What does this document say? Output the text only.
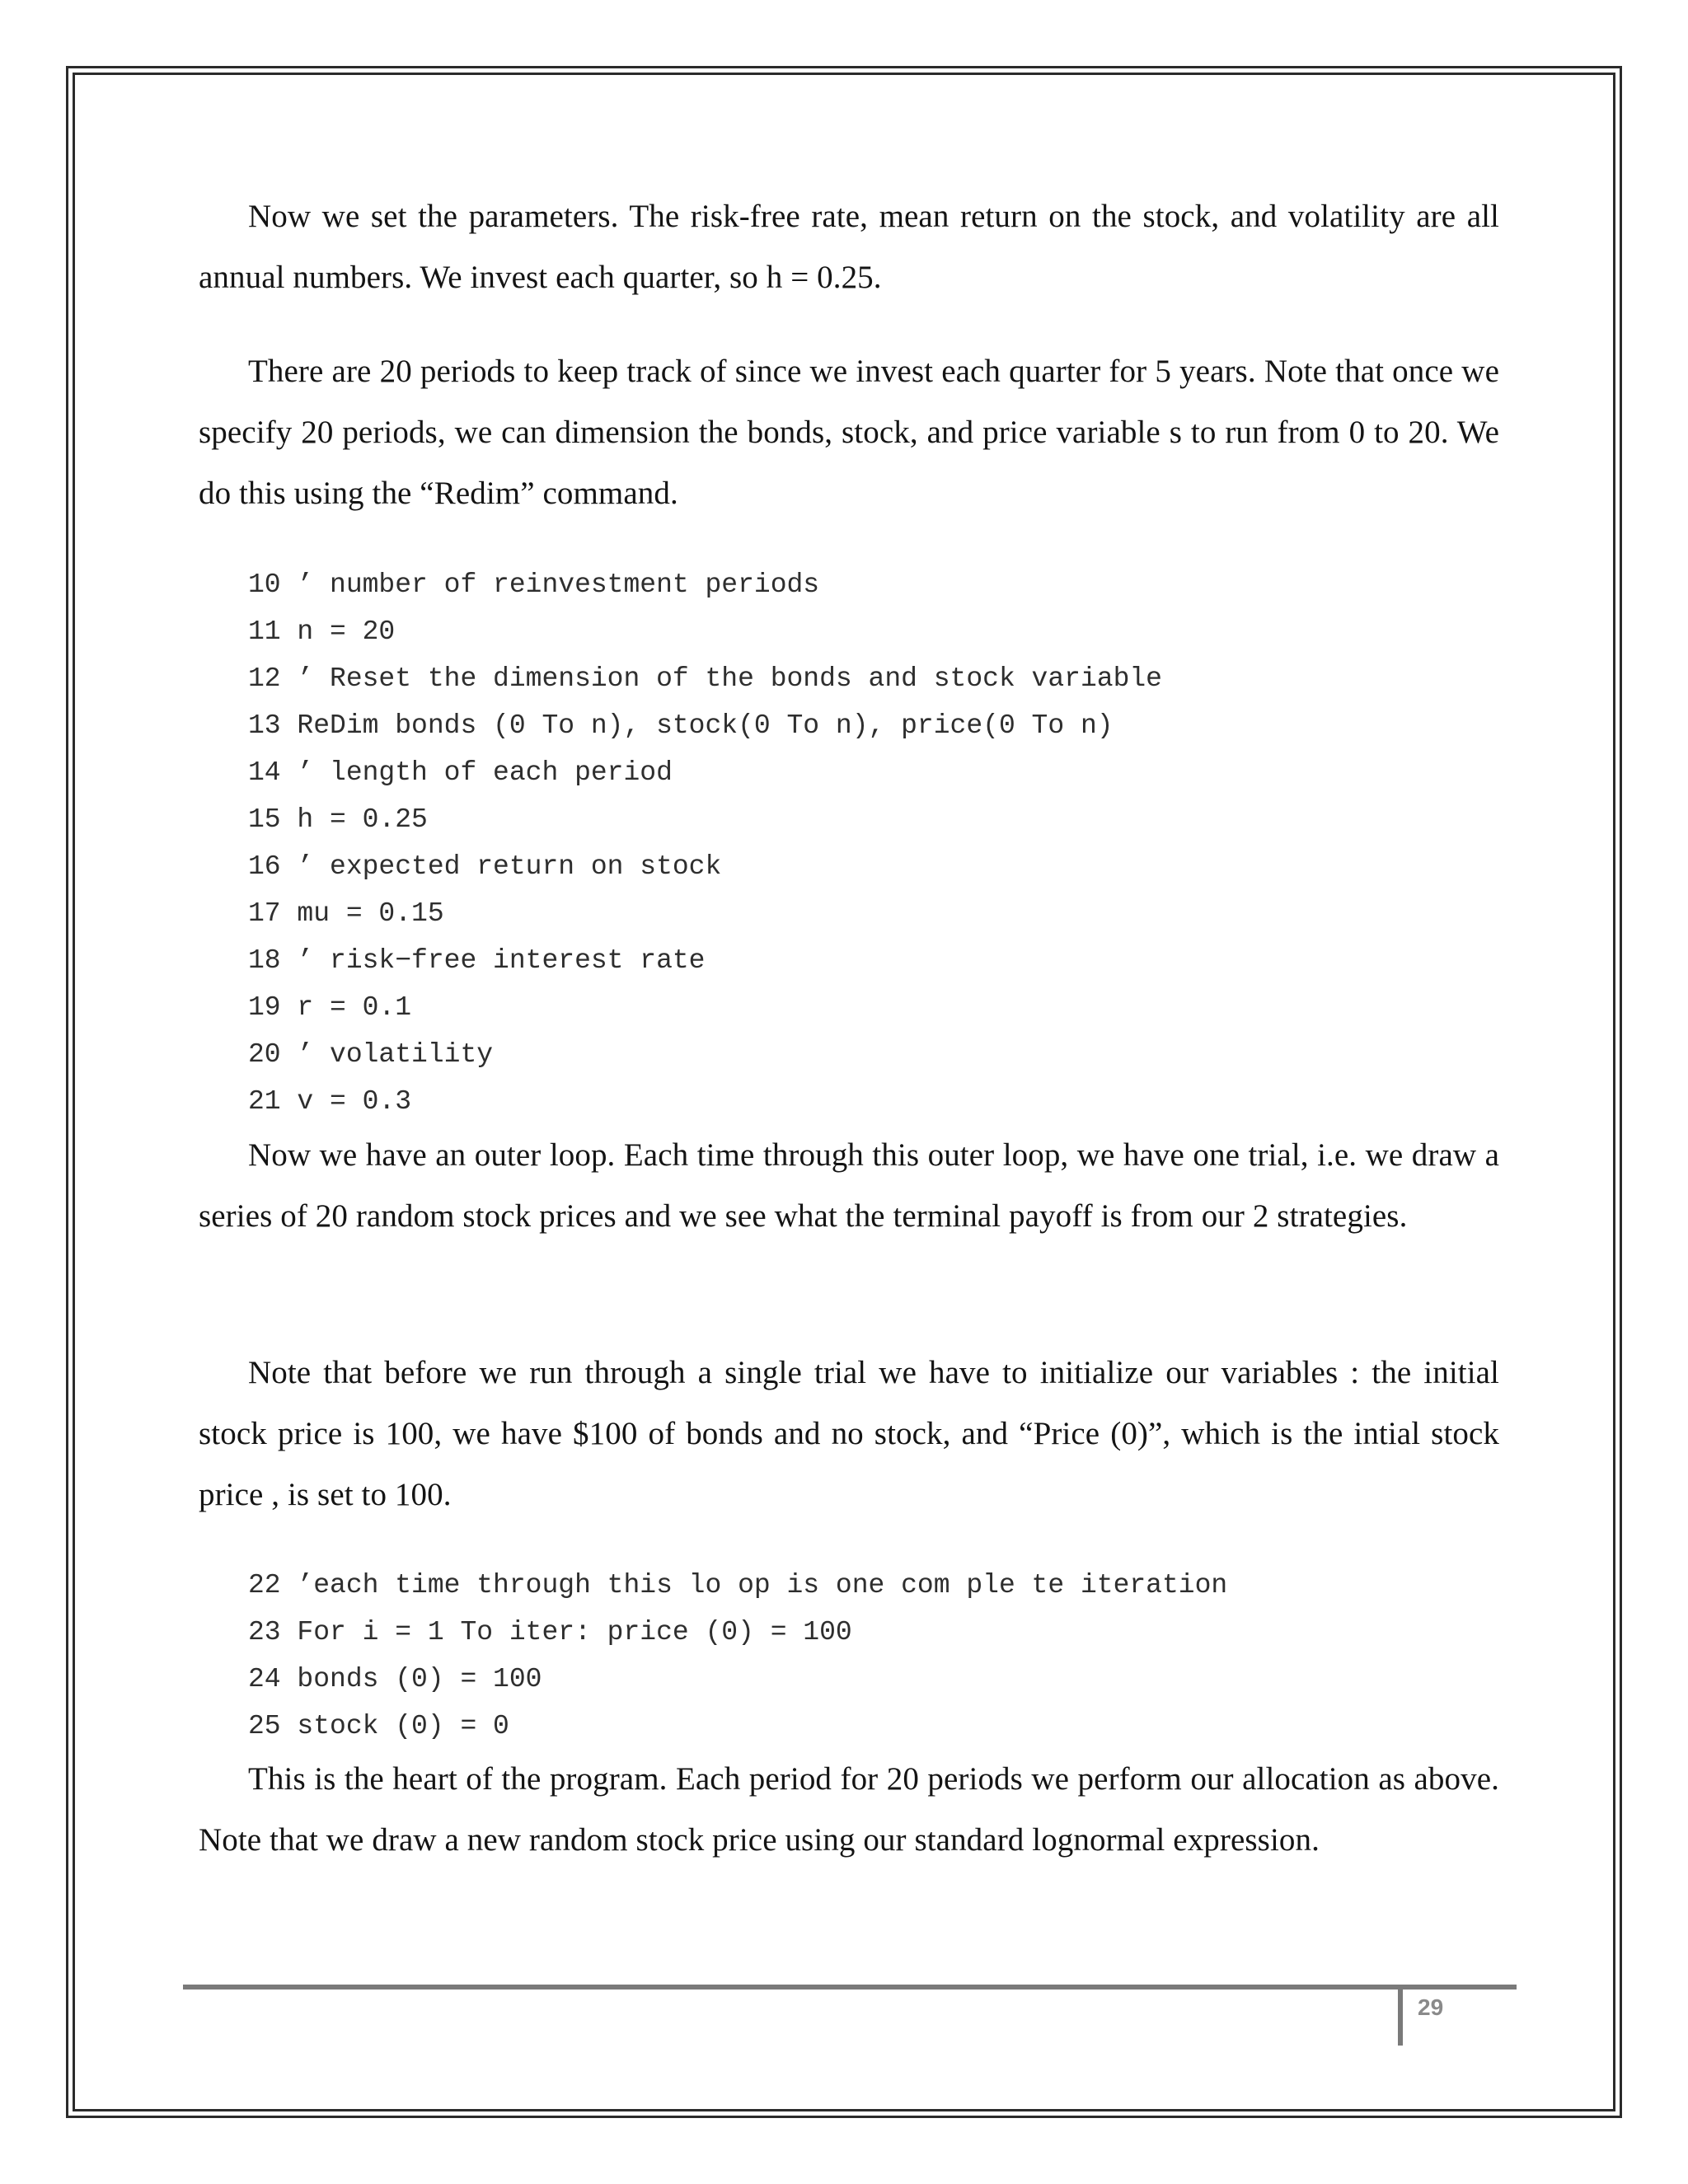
Now we set the parameters. The risk-free rate, mean return on the stock, and volatility are all annual numbers. We invest each quarter, so h = 0.25.

There are 20 periods to keep track of since we invest each quarter for 5 years. Note that once we specify 20 periods, we can dimension the bonds, stock, and price variable s to run from 0 to 20. We do this using the “Redim” command.

10 ’ number of reinvestment periods
11 n = 20
12 ’ Reset the dimension of the bonds and stock variable
13 ReDim bonds (0 To n), stock(0 To n), price(0 To n)
14 ’ length of each period
15 h = 0.25
16 ’ expected return on stock
17 mu = 0.15
18 ’ risk−free interest rate
19 r = 0.1
20 ’ volatility
21 v = 0.3

Now we have an outer loop. Each time through this outer loop, we have one trial, i.e. we draw a series of 20 random stock prices and we see what the terminal payoff is from our 2 strategies.

Note that before we run through a single trial we have to initialize our variables : the initial stock price is 100, we have $100 of bonds and no stock, and “Price (0)”, which is the intial stock price , is set to 100.

22 ’each time through this lo op is one com ple te iteration
23 For i = 1 To iter: price (0) = 100
24 bonds (0) = 100
25 stock (0) = 0

This is the heart of the program. Each period for 20 periods we perform our allocation as above. Note that we draw a new random stock price using our standard lognormal expression.

29
